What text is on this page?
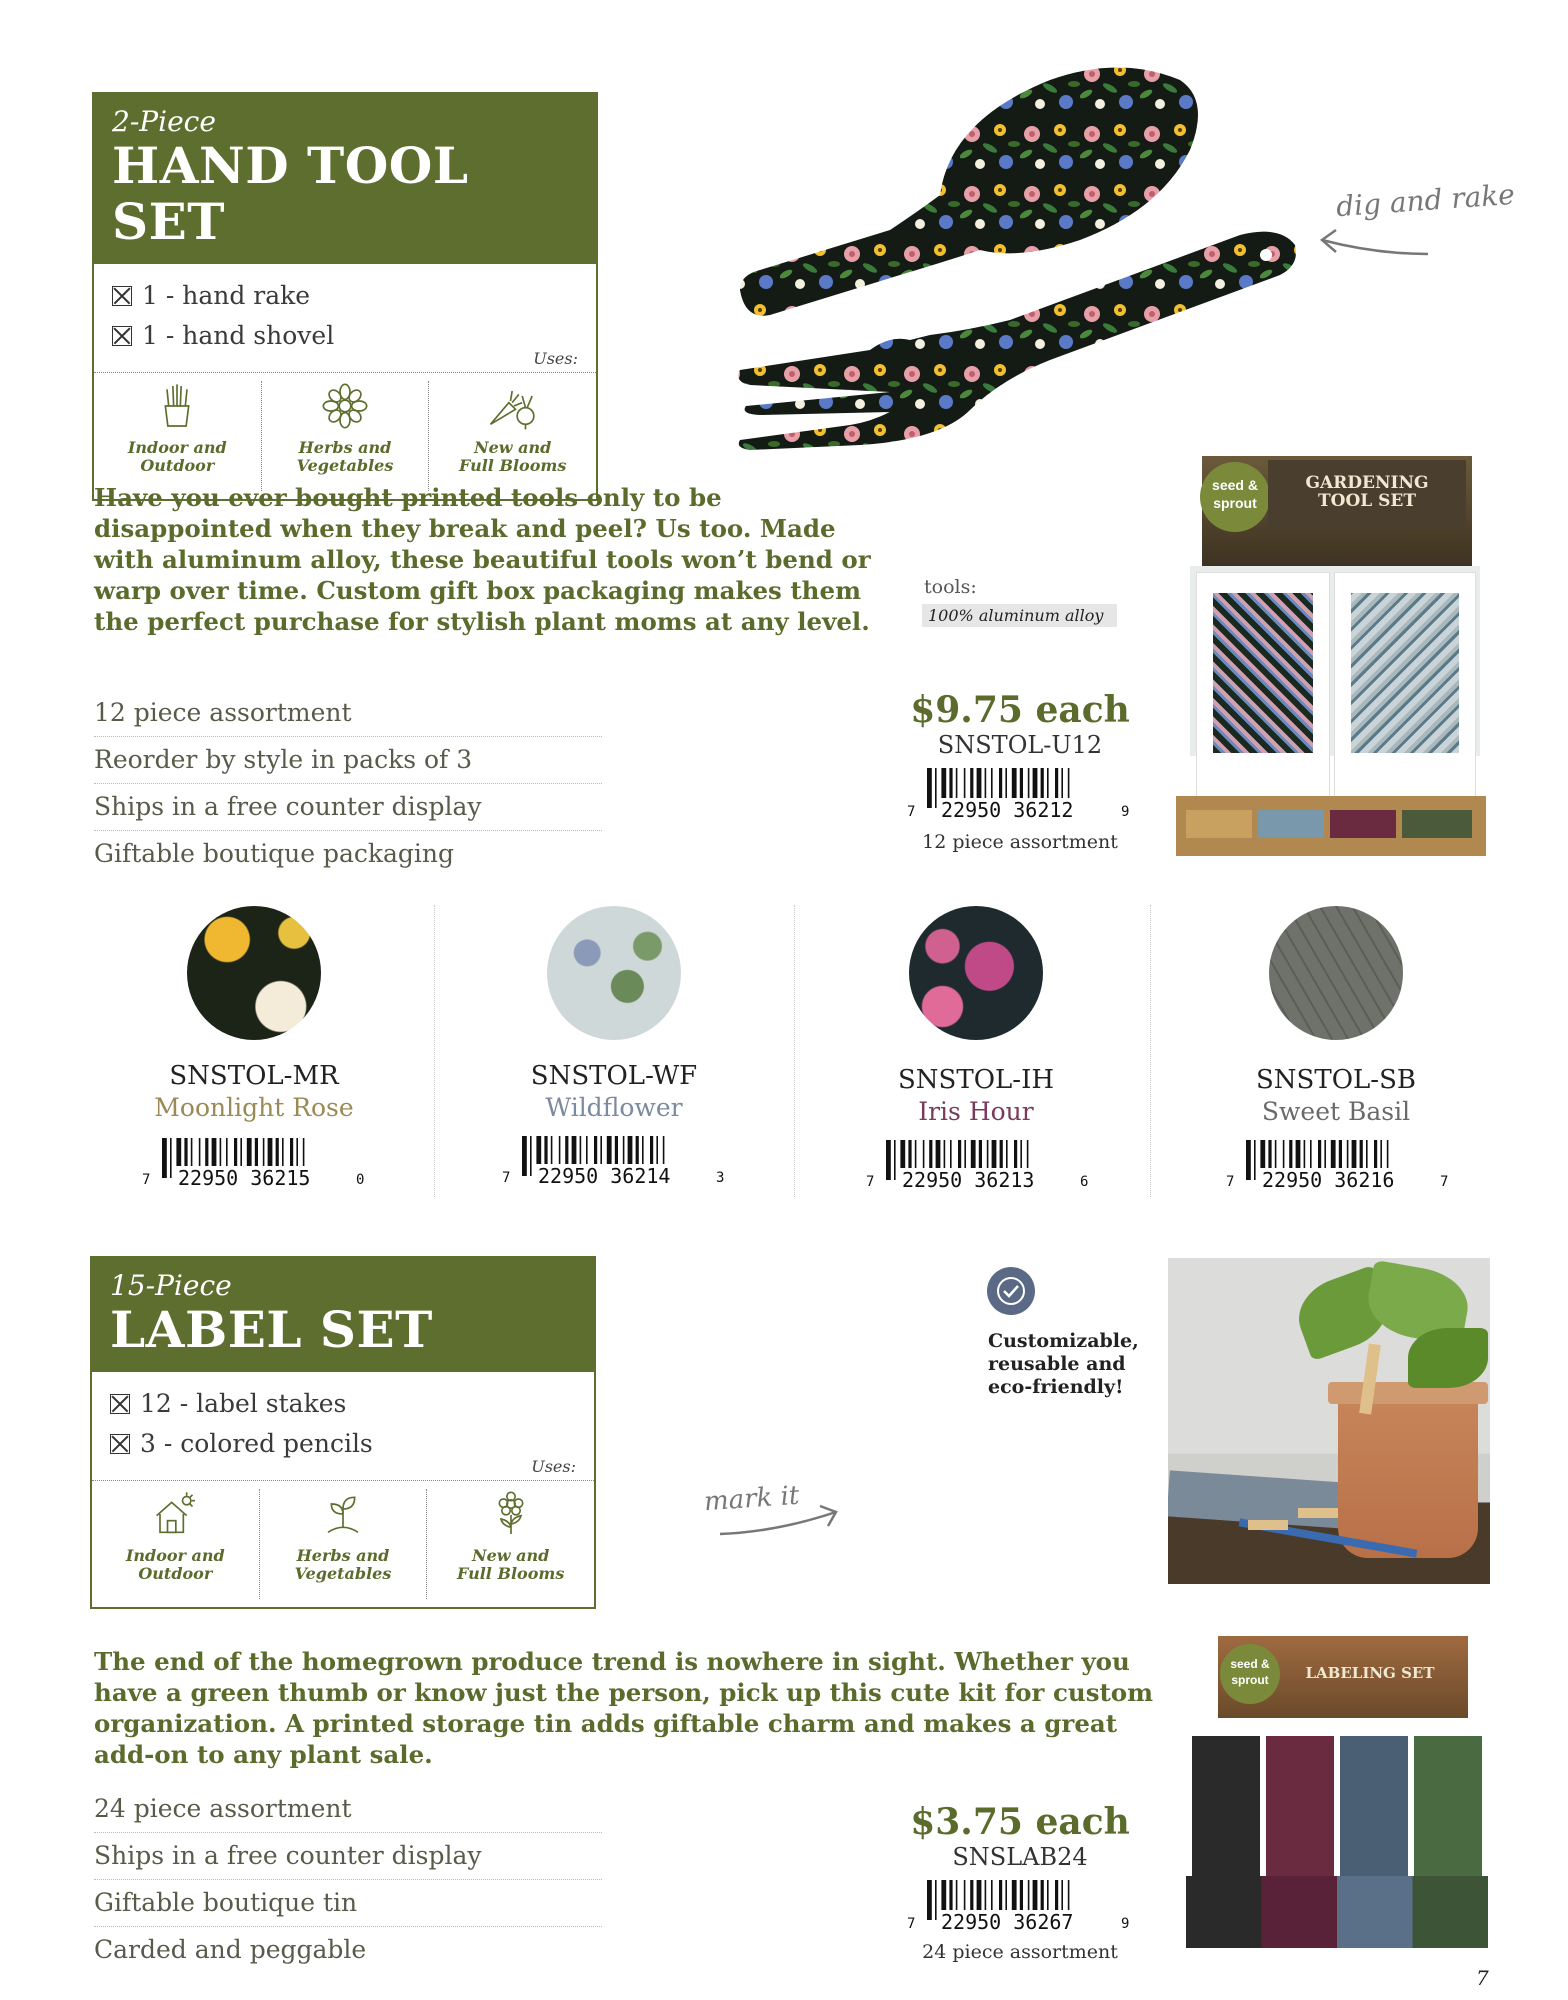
2-Piece
HAND TOOL SET
1 - hand rake
1 - hand shovel
Uses:
Indoor and
Outdoor
Herbs and
Vegetables
New and
Full Blooms
dig and rake
Have you ever bought printed tools only to be
disappointed when they break and peel? Us too. Made
with aluminum alloy, these beautiful tools won’t bend or
warp over time. Custom gift box packaging makes them
the perfect purchase for stylish plant moms at any level.
tools:
100% aluminum alloy
12 piece assortment
Reorder by style in packs of 3
Ships in a free counter display
Giftable boutique packaging
$9.75 each
SNSTOL-U12
7 22950 36212	9
12 piece assortment
seed & sprout
GARDENING
TOOL SET
SNSTOL-MR
Moonlight Rose
SNSTOL-WF
Wildflower
SNSTOL-IH
Iris Hour
SNSTOL-SB
Sweet Basil
7 22950 36215	0	7 22950 36214	3	7 22950 36213	6	7 22950 36216	7
15-Piece
LABEL SET
12 - label stakes
3 - colored pencils
Uses:
Indoor and
Outdoor
Herbs and
Vegetables
New and
Full Blooms
mark it
Customizable,
reusable and
eco-friendly!
The end of the homegrown produce trend is nowhere in sight. Whether you
have a green thumb or know just the person, pick up this cute kit for custom
organization. A printed storage tin adds giftable charm and makes a great
add-on to any plant sale.
24 piece assortment
Ships in a free counter display
Giftable boutique tin
Carded and peggable
$3.75 each
SNSLAB24
7 22950 36267	9
24 piece assortment
seed & sprout	LABELING SET
7
